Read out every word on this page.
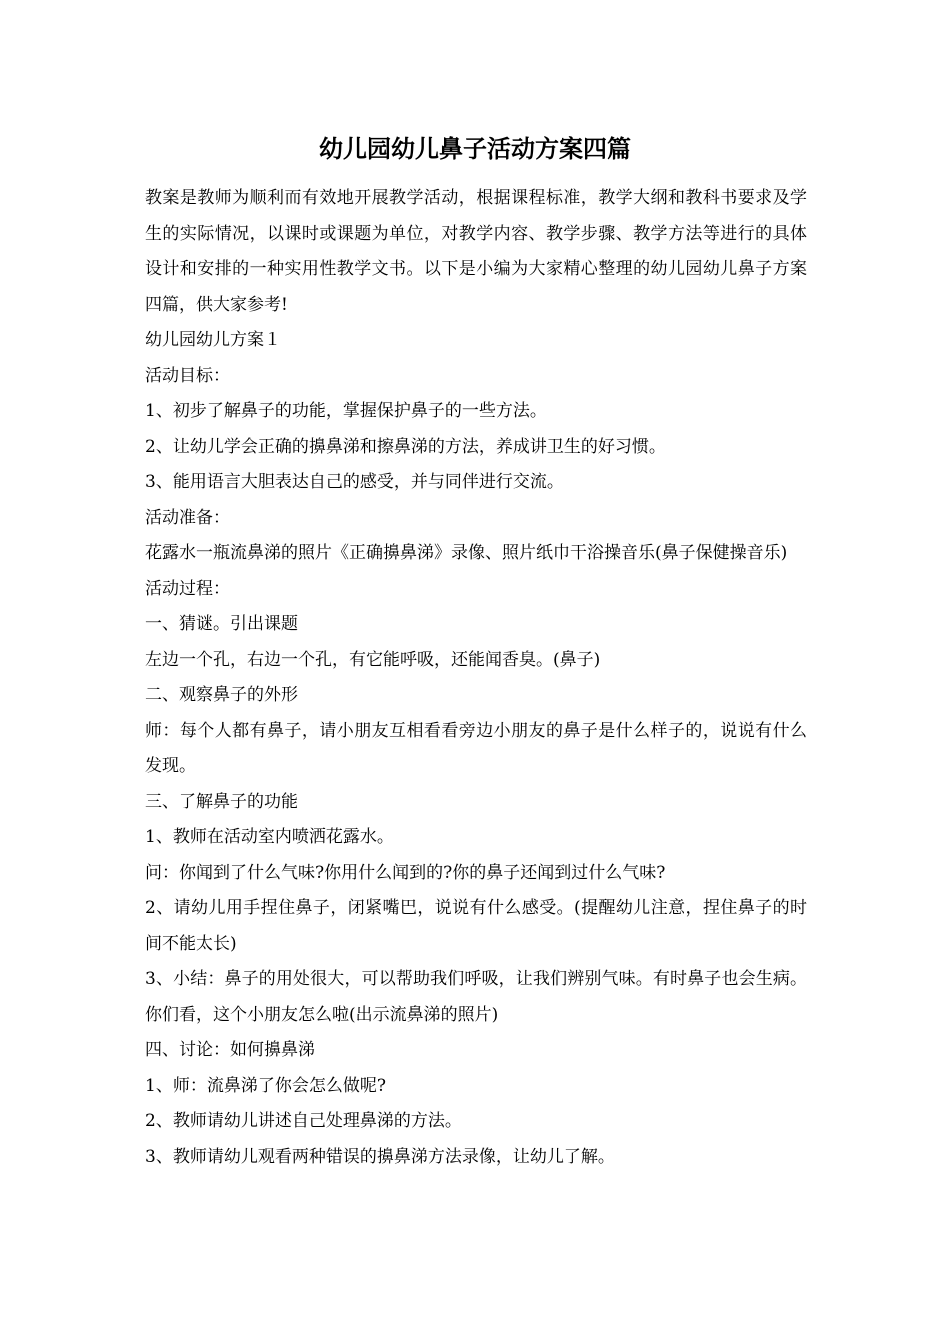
幼儿园幼儿鼻子活动方案四篇

教案是教师为顺利而有效地开展教学活动，根据课程标准，教学大纲和教科书要求及学生的实际情况，以课时或课题为单位，对教学内容、教学步骤、教学方法等进行的具体设计和安排的一种实用性教学文书。以下是小编为大家精心整理的幼儿园幼儿鼻子方案四篇，供大家参考!

幼儿园幼儿方案１

活动目标：

1、初步了解鼻子的功能，掌握保护鼻子的一些方法。

2、让幼儿学会正确的擤鼻涕和擦鼻涕的方法，养成讲卫生的好习惯。

3、能用语言大胆表达自己的感受，并与同伴进行交流。

活动准备：

花露水一瓶流鼻涕的照片《正确擤鼻涕》录像、照片纸巾干浴操音乐(鼻子保健操音乐)

活动过程：

一、猜谜。引出课题

左边一个孔，右边一个孔，有它能呼吸，还能闻香臭。(鼻子)

二、观察鼻子的外形

师：每个人都有鼻子，请小朋友互相看看旁边小朋友的鼻子是什么样子的，说说有什么发现。

三、了解鼻子的功能

1、教师在活动室内喷洒花露水。

问：你闻到了什么气味?你用什么闻到的?你的鼻子还闻到过什么气味?

2、请幼儿用手捏住鼻子，闭紧嘴巴，说说有什么感受。(提醒幼儿注意，捏住鼻子的时间不能太长)

3、小结：鼻子的用处很大，可以帮助我们呼吸，让我们辨别气味。有时鼻子也会生病。你们看，这个小朋友怎么啦(出示流鼻涕的照片)

四、讨论：如何擤鼻涕

1、师：流鼻涕了你会怎么做呢?

2、教师请幼儿讲述自己处理鼻涕的方法。

3、教师请幼儿观看两种错误的擤鼻涕方法录像，让幼儿了解。
